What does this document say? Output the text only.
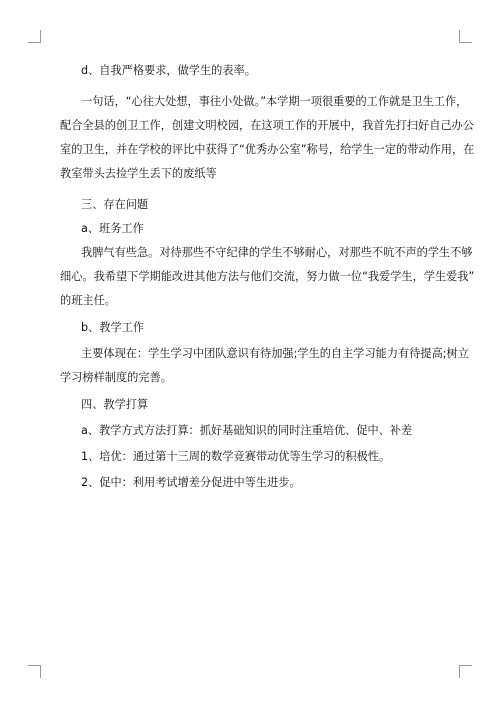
d、自我严格要求，做学生的表率。
一句话，“心往大处想，事往小处做。”本学期一项很重要的工作就是卫生工作，
配合全县的创卫工作，创建文明校园，在这项工作的开展中，我首先打扫好自己办公
室的卫生，并在学校的评比中获得了“优秀办公室”称号，给学生一定的带动作用，在
教室带头去捡学生丢下的废纸等
三、存在问题
a、班务工作
我脾气有些急。对待那些不守纪律的学生不够耐心，对那些不吭不声的学生不够
细心。我希望下学期能改进其他方法与他们交流，努力做一位“我爱学生，学生爱我”
的班主任。
b、教学工作
主要体现在：学生学习中团队意识有待加强;学生的自主学习能力有待提高;树立
学习榜样制度的完善。
四、教学打算
a、教学方式方法打算：抓好基础知识的同时注重培优、促中、补差
1、培优：通过第十三周的数学竞赛带动优等生学习的积极性。
2、促中：利用考试增差分促进中等生进步。
